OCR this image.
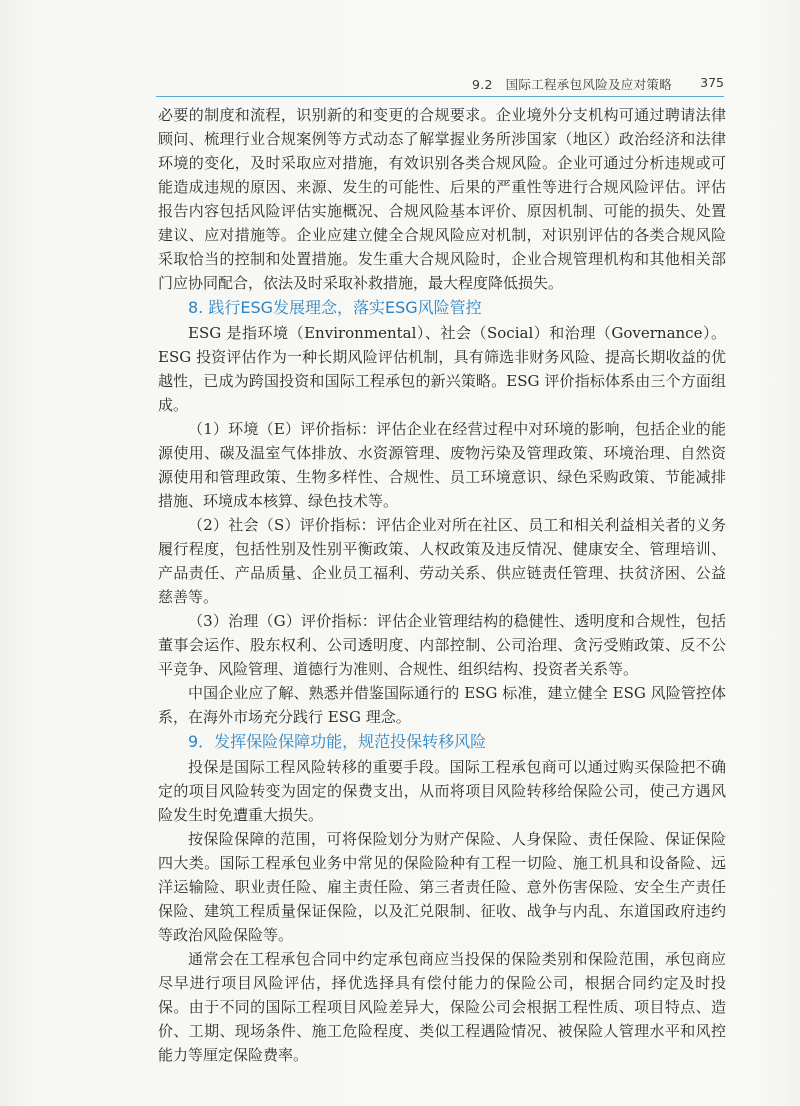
9.2　国际工程承包风险及应对策略 375

必要的制度和流程，识别新的和变更的合规要求。企业境外分支机构可通过聘请法律顾问、梳理行业合规案例等方式动态了解掌握业务所涉国家（地区）政治经济和法律环境的变化，及时采取应对措施，有效识别各类合规风险。企业可通过分析违规或可能造成违规的原因、来源、发生的可能性、后果的严重性等进行合规风险评估。评估报告内容包括风险评估实施概况、合规风险基本评价、原因机制、可能的损失、处置建议、应对措施等。企业应建立健全合规风险应对机制，对识别评估的各类合规风险采取恰当的控制和处置措施。发生重大合规风险时，企业合规管理机构和其他相关部门应协同配合，依法及时采取补救措施，最大程度降低损失。

8. 践行ESG发展理念，落实ESG风险管控

ESG 是指环境（Environmental）、社会（Social）和治理（Governance）。ESG 投资评估作为一种长期风险评估机制，具有筛选非财务风险、提高长期收益的优越性，已成为跨国投资和国际工程承包的新兴策略。ESG 评价指标体系由三个方面组成。

（1）环境（E）评价指标：评估企业在经营过程中对环境的影响，包括企业的能源使用、碳及温室气体排放、水资源管理、废物污染及管理政策、环境治理、自然资源使用和管理政策、生物多样性、合规性、员工环境意识、绿色采购政策、节能减排措施、环境成本核算、绿色技术等。

（2）社会（S）评价指标：评估企业对所在社区、员工和相关利益相关者的义务履行程度，包括性别及性别平衡政策、人权政策及违反情况、健康安全、管理培训、产品责任、产品质量、企业员工福利、劳动关系、供应链责任管理、扶贫济困、公益慈善等。

（3）治理（G）评价指标：评估企业管理结构的稳健性、透明度和合规性，包括董事会运作、股东权利、公司透明度、内部控制、公司治理、贪污受贿政策、反不公平竞争、风险管理、道德行为准则、合规性、组织结构、投资者关系等。

中国企业应了解、熟悉并借鉴国际通行的 ESG 标准，建立健全 ESG 风险管控体系，在海外市场充分践行 ESG 理念。

9．发挥保险保障功能，规范投保转移风险

投保是国际工程风险转移的重要手段。国际工程承包商可以通过购买保险把不确定的项目风险转变为固定的保费支出，从而将项目风险转移给保险公司，使己方遇风险发生时免遭重大损失。

按保险保障的范围，可将保险划分为财产保险、人身保险、责任保险、保证保险四大类。国际工程承包业务中常见的保险险种有工程一切险、施工机具和设备险、远洋运输险、职业责任险、雇主责任险、第三者责任险、意外伤害保险、安全生产责任保险、建筑工程质量保证保险，以及汇兑限制、征收、战争与内乱、东道国政府违约等政治风险保险等。

通常会在工程承包合同中约定承包商应当投保的保险类别和保险范围，承包商应尽早进行项目风险评估，择优选择具有偿付能力的保险公司，根据合同约定及时投保。由于不同的国际工程项目风险差异大，保险公司会根据工程性质、项目特点、造价、工期、现场条件、施工危险程度、类似工程遇险情况、被保险人管理水平和风控能力等厘定保险费率。
